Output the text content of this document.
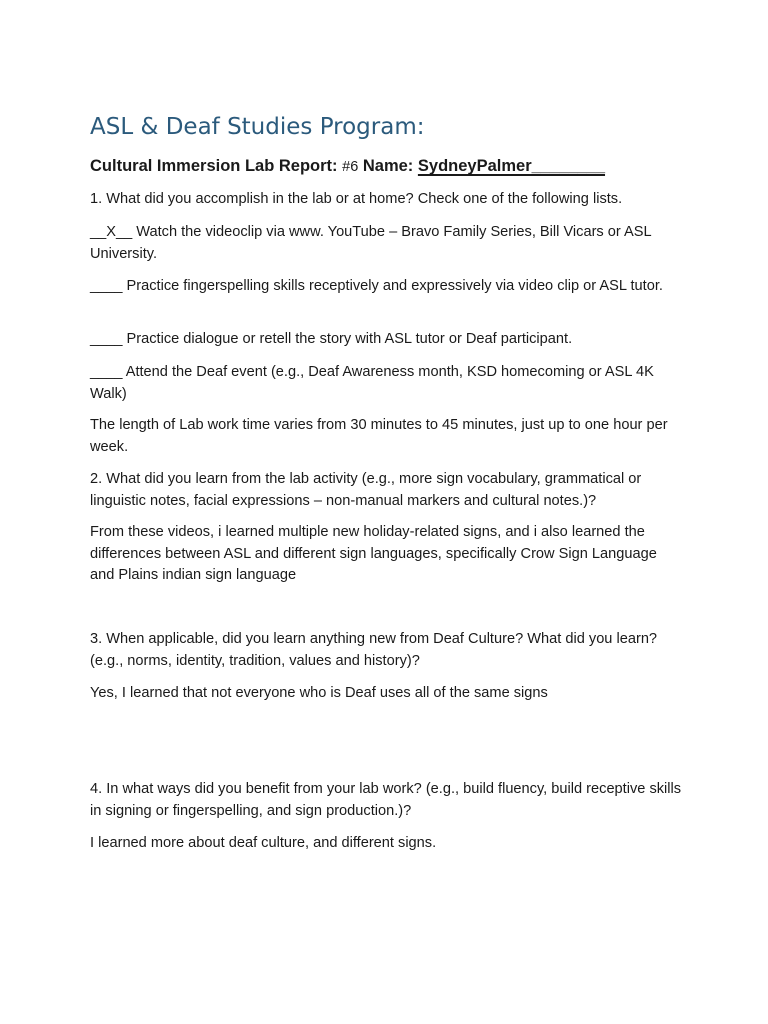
ASL & Deaf Studies Program:
Cultural Immersion Lab Report: #6 Name: SydneyPalmer________

1. What did you accomplish in the lab or at home? Check one of the following lists.

__X__ Watch the videoclip via www. YouTube – Bravo Family Series, Bill Vicars or ASL University.

____ Practice fingerspelling skills receptively and expressively via video clip or ASL tutor.

____ Practice dialogue or retell the story with ASL tutor or Deaf participant.

____ Attend the Deaf event (e.g., Deaf Awareness month, KSD homecoming or ASL 4K Walk)

The length of Lab work time varies from 30 minutes to 45 minutes, just up to one hour per week.

2. What did you learn from the lab activity (e.g., more sign vocabulary, grammatical or linguistic notes, facial expressions – non-manual markers and cultural notes.)?

From these videos, i learned multiple new holiday-related signs, and i also learned the differences between ASL and different sign languages, specifically Crow Sign Language and Plains indian sign language

3. When applicable, did you learn anything new from Deaf Culture? What did you learn? (e.g., norms, identity, tradition, values and history)?

Yes, I learned that not everyone who is Deaf uses all of the same signs

4. In what ways did you benefit from your lab work? (e.g., build fluency, build receptive skills in signing or fingerspelling, and sign production.)?

I learned more about deaf culture, and different signs.
